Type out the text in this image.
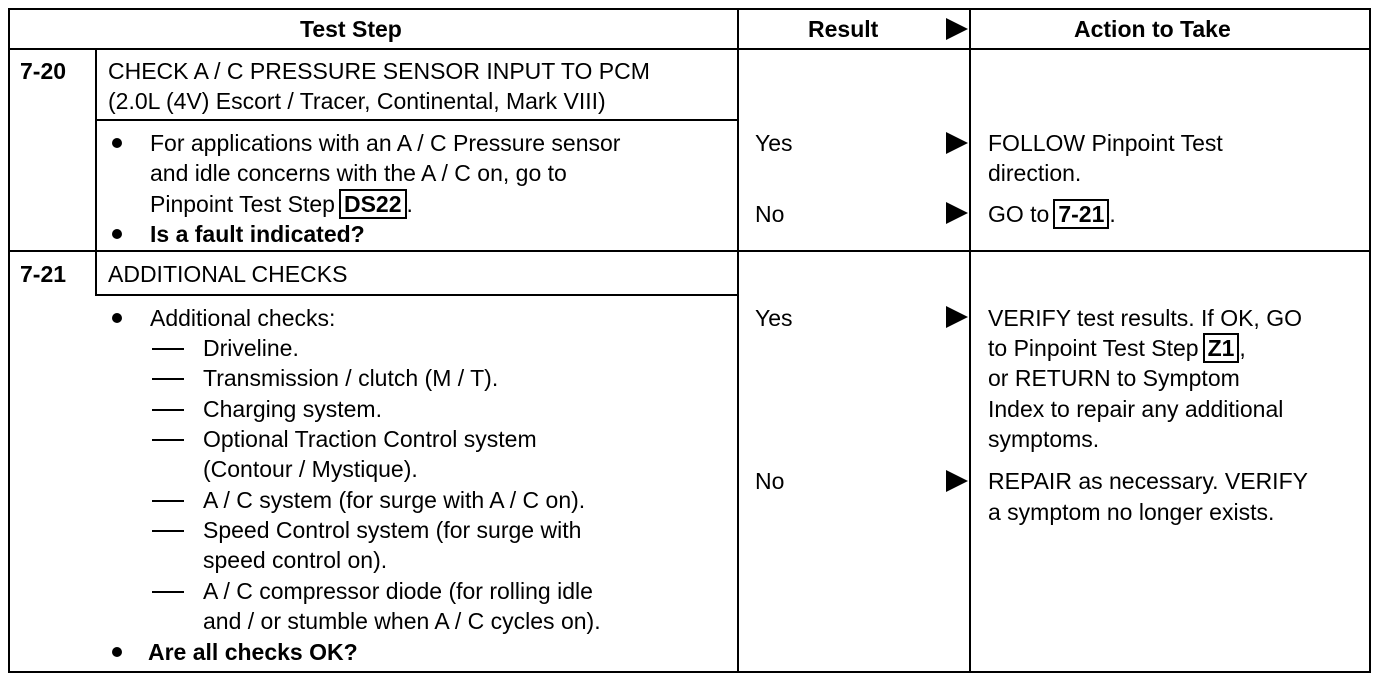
Test Step	Result	Action to Take
7-20 CHECK A / C PRESSURE SENSOR INPUT TO PCM
(2.0L (4V) Escort / Tracer, Continental, Mark VIII)
For applications with an A / C Pressure sensor
and idle concerns with the A / C on, go to
Pinpoint Test Step DS22 .
Is a fault indicated?
Yes
No
FOLLOW Pinpoint Test
direction.
GO to 7-21 .
7-21 ADDITIONAL CHECKS
Additional checks:
Driveline.
Transmission / clutch (M / T).
Charging system.
Optional Traction Control system
(Contour / Mystique).
A / C system (for surge with A / C on).
Speed Control system (for surge with
speed control on).
A / C compressor diode (for rolling idle
and / or stumble when A / C cycles on).
Are all checks OK?
Yes
No
VERIFY test results. If OK, GO
to Pinpoint Test Step Z1 ,
or RETURN to Symptom
Index to repair any additional
symptoms.
REPAIR as necessary. VERIFY
a symptom no longer exists.
